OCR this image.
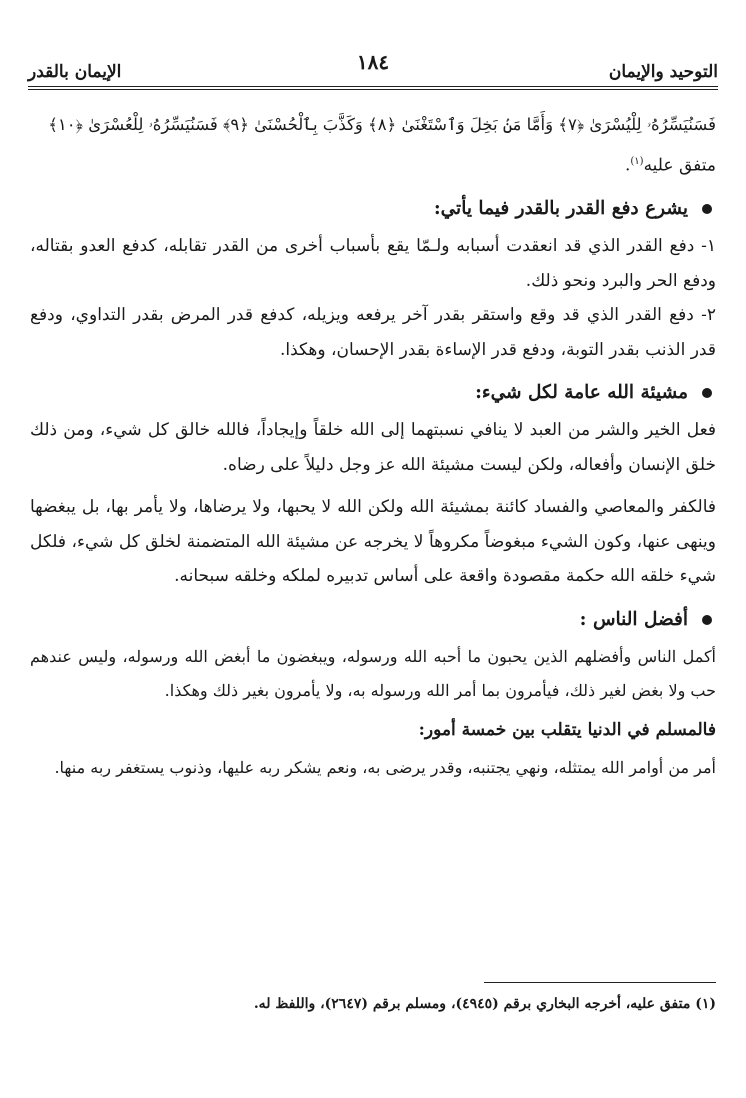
التوحيد والإيمان
١٨٤
الإيمان بالقدر
فَسَنُيَسِّرُهُۥ لِلْيُسْرَىٰ ﴿٧﴾ وَأَمَّا مَنۢ بَخِلَ وَٱسْتَغْنَىٰ ﴿٨﴾ وَكَذَّبَ بِٱلْحُسْنَىٰ ﴿٩﴾ فَسَنُيَسِّرُهُۥ لِلْعُسْرَىٰ ﴿١٠﴾

متفق عليه$^{(١)}$.

يشرع دفع القدر بالقدر فيما يأتي:

١- دفع القدر الذي قد انعقدت أسبابه ولـمّا يقع بأسباب أخرى من القدر تقابله، كدفع العدو بقتاله، ودفع الحر والبرد ونحو ذلك.

٢- دفع القدر الذي قد وقع واستقر بقدر آخر يرفعه ويزيله، كدفع قدر المرض بقدر التداوي، ودفع قدر الذنب بقدر التوبة، ودفع قدر الإساءة بقدر الإحسان، وهكذا.

مشيئة الله عامة لكل شيء:

فعل الخير والشر من العبد لا ينافي نسبتهما إلى الله خلقاً وإيجاداً، فالله خالق كل شيء، ومن ذلك خلق الإنسان وأفعاله، ولكن ليست مشيئة الله عز وجل دليلاً على رضاه.

فالكفر والمعاصي والفساد كائنة بمشيئة الله ولكن الله لا يحبها، ولا يرضاها، ولا يأمر بها، بل يبغضها وينهى عنها، وكون الشيء مبغوضاً مكروهاً لا يخرجه عن مشيئة الله المتضمنة لخلق كل شيء، فلكل شيء خلقه الله حكمة مقصودة واقعة على أساس تدبيره لملكه وخلقه سبحانه.

أفضل الناس :

أكمل الناس وأفضلهم الذين يحبون ما أحبه الله ورسوله، ويبغضون ما أبغض الله ورسوله، وليس عندهم حب ولا بغض لغير ذلك، فيأمرون بما أمر الله ورسوله به، ولا يأمرون بغير ذلك وهكذا.

فالمسلم في الدنيا يتقلب بين خمسة أمور:

أمر من أوامر الله يمتثله، ونهي يجتنبه، وقدر يرضى به، ونعم يشكر ربه عليها، وذنوب يستغفر ربه منها.

(١) متفق عليه، أخرجه البخاري برقم (٤٩٤٥)، ومسلم برقم (٢٦٤٧)، واللفظ له.
